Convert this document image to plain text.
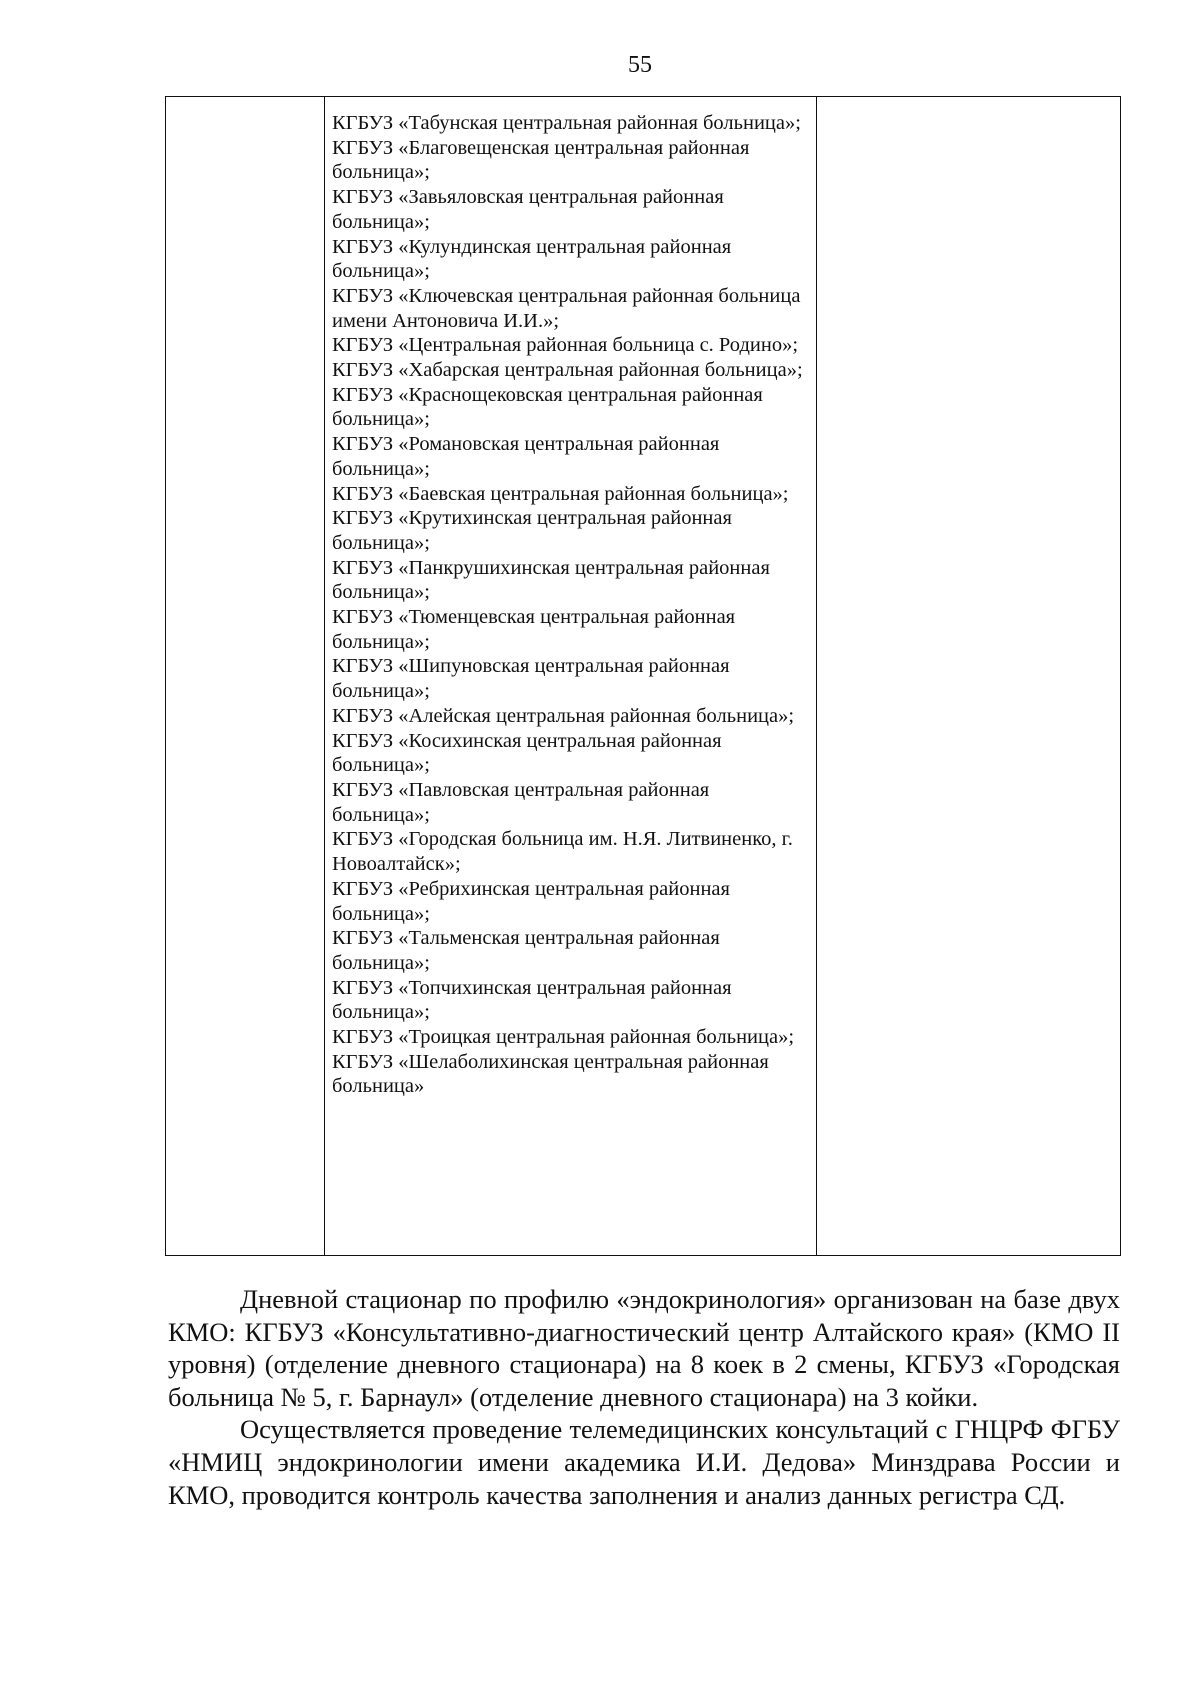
55

КГБУЗ «Табунская центральная районная больница»;

КГБУЗ «Благовещенская центральная районная больница»;

КГБУЗ «Завьяловская центральная районная больница»;

КГБУЗ «Кулундинская центральная районная больница»;

КГБУЗ «Ключевская центральная районная больница имени Антоновича И.И.»;

КГБУЗ «Центральная районная больница с. Родино»;

КГБУЗ «Хабарская центральная районная больница»;

КГБУЗ «Краснощековская центральная районная больница»;

КГБУЗ «Романовская центральная районная больница»;

КГБУЗ «Баевская центральная районная больница»;

КГБУЗ «Крутихинская центральная районная больница»;

КГБУЗ «Панкрушихинская центральная районная больница»;

КГБУЗ «Тюменцевская центральная районная больница»;

КГБУЗ «Шипуновская центральная районная больница»;

КГБУЗ «Алейская центральная районная больница»;

КГБУЗ «Косихинская центральная районная больница»;

КГБУЗ «Павловская центральная районная больница»;

КГБУЗ «Городская больница им. Н.Я. Литвиненко, г. Новоалтайск»;

КГБУЗ «Ребрихинская центральная районная больница»;

КГБУЗ «Тальменская центральная районная больница»;

КГБУЗ «Топчихинская центральная районная больница»;

КГБУЗ «Троицкая центральная районная больница»;

КГБУЗ «Шелаболихинская центральная районная больница»

Дневной стационар по профилю «эндокринология» организован на базе двух КМО: КГБУЗ «Консультативно-диагностический центр Алтайского края» (КМО II уровня) (отделение дневного стационара) на 8 коек в 2 смены, КГБУЗ «Городская больница № 5, г. Барнаул» (отделение дневного стационара) на 3 койки.

Осуществляется проведение телемедицинских консультаций с ГНЦРФ ФГБУ «НМИЦ эндокринологии имени академика И.И. Дедова» Минздрава России и КМО, проводится контроль качества заполнения и анализ данных регистра СД.
